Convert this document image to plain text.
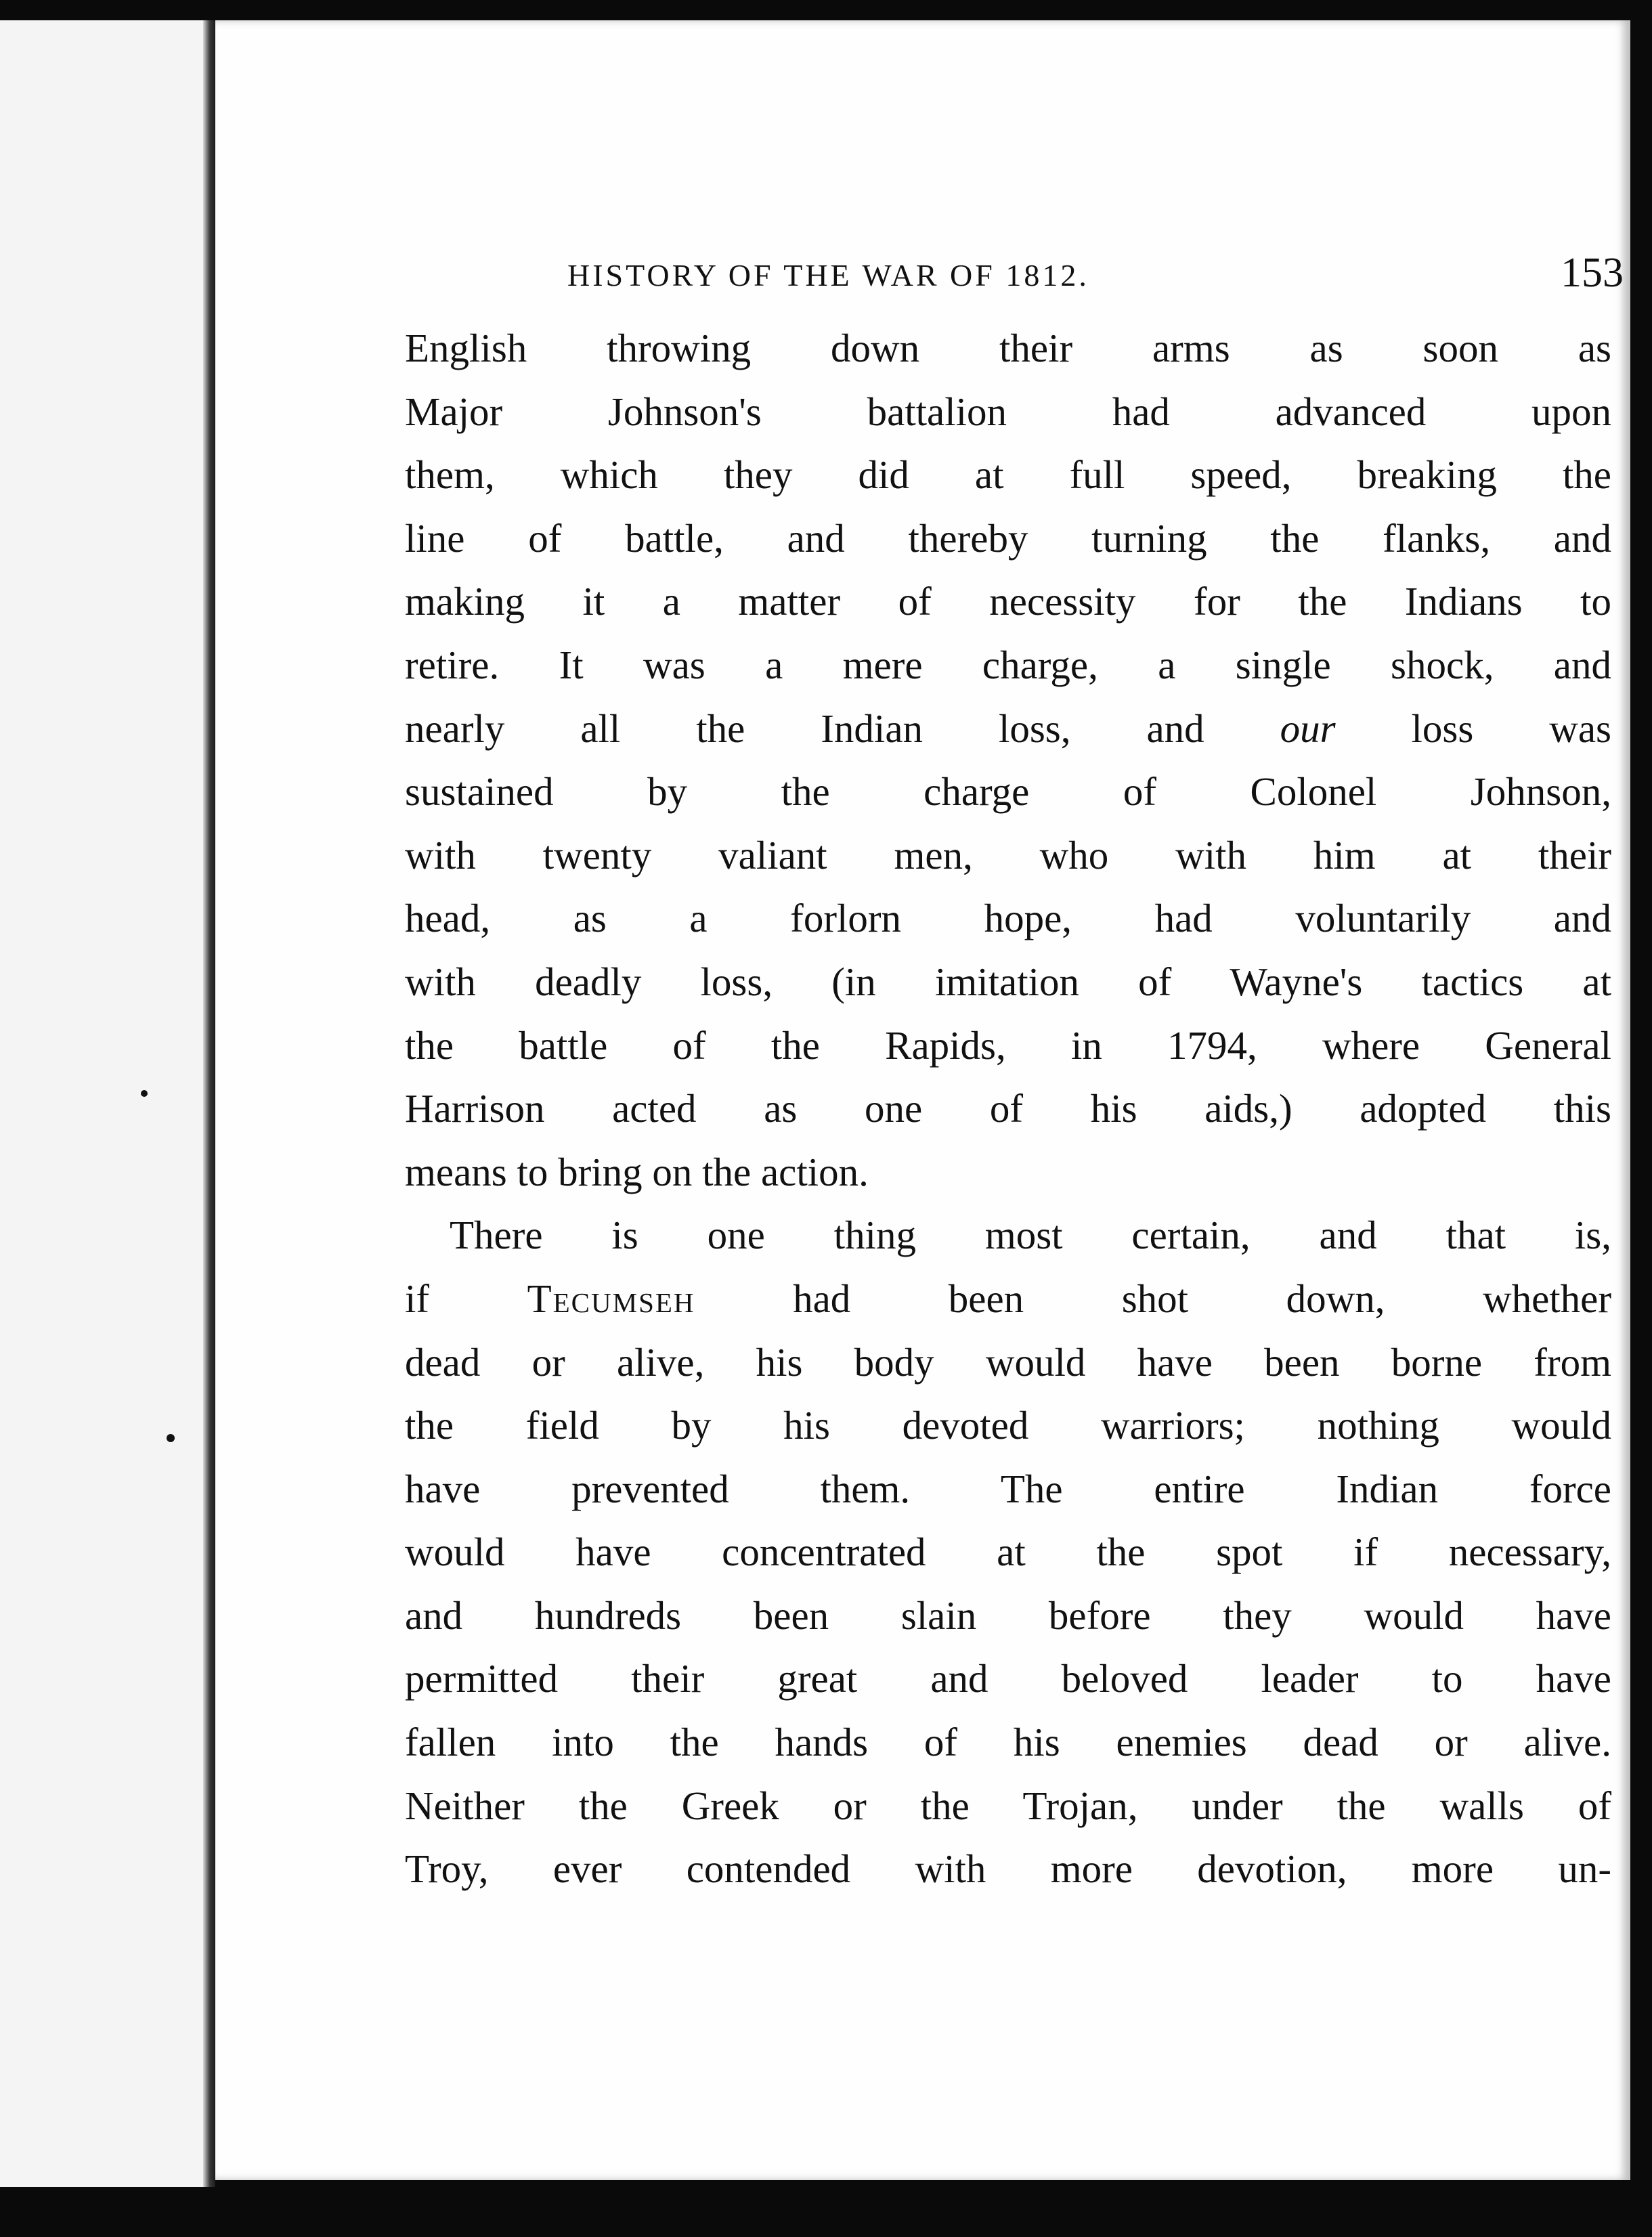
HISTORY OF THE WAR OF 1812.	153
English throwing down their arms as soon as
Major Johnson's battalion had advanced upon
them, which they did at full speed, breaking the
line of battle, and thereby turning the flanks, and
making it a matter of necessity for the Indians to
retire. It was a mere charge, a single shock, and
nearly all the Indian loss, and our loss was
sustained by the charge of Colonel Johnson,
with twenty valiant men, who with him at their
head, as a forlorn hope, had voluntarily and
with deadly loss, (in imitation of Wayne's tactics at
the battle of the Rapids, in 1794, where General
Harrison acted as one of his aids,) adopted this
means to bring on the action.
There is one thing most certain, and that is,
if Tecumseh had been shot down, whether
dead or alive, his body would have been borne from
the field by his devoted warriors; nothing would
have prevented them. The entire Indian force
would have concentrated at the spot if necessary,
and hundreds been slain before they would have
permitted their great and beloved leader to have
fallen into the hands of his enemies dead or alive.
Neither the Greek or the Trojan, under the walls of
Troy, ever contended with more devotion, more un-
